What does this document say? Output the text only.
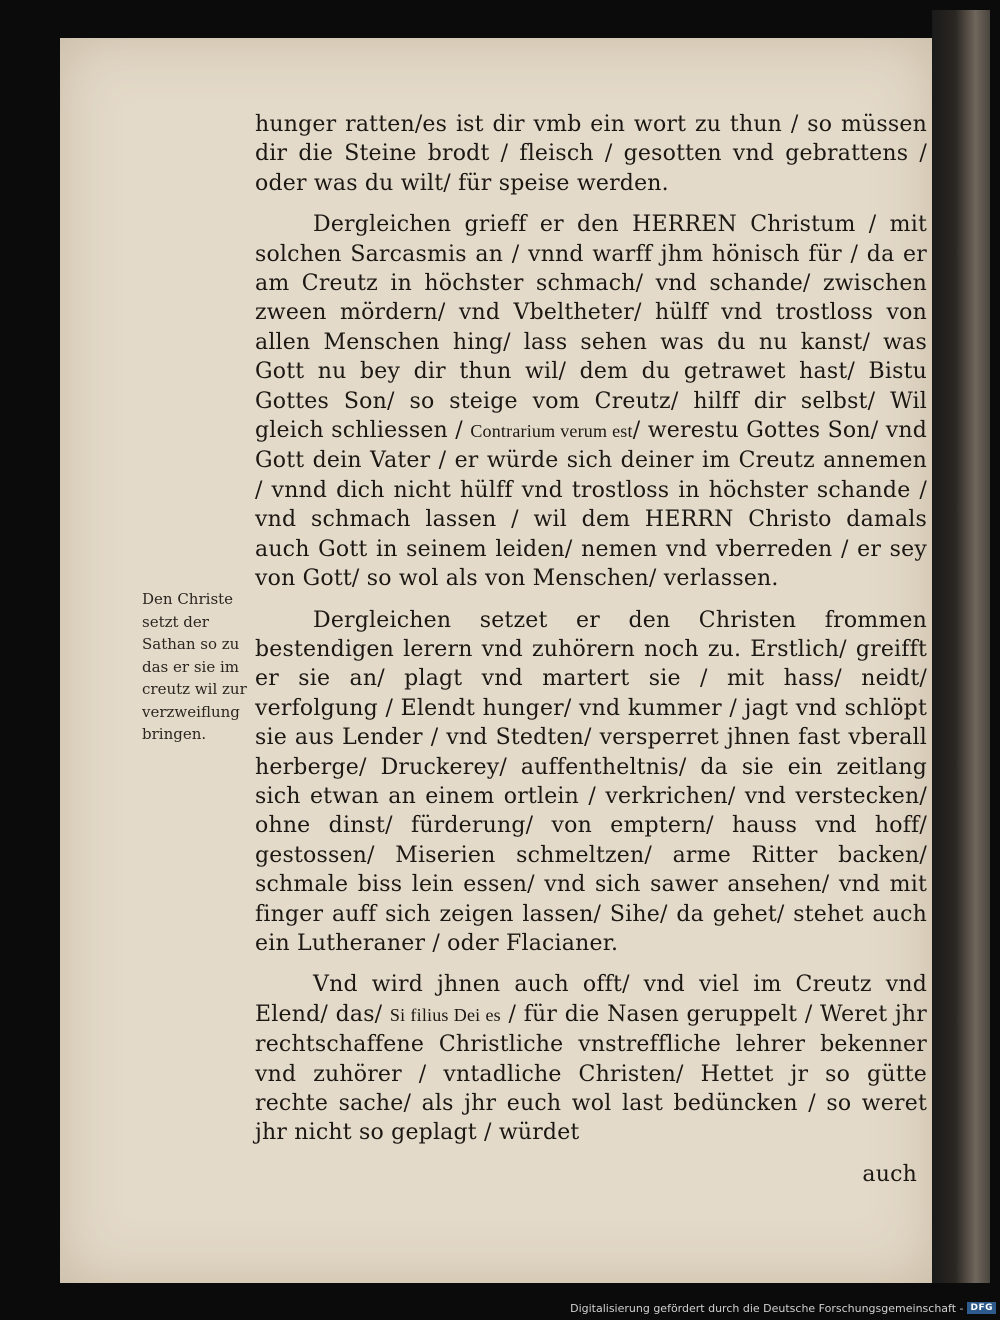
hunger ratten/es ist dir vmb ein wort zu thun / so müssen dir die Steine brodt / fleisch / gesotten vnd gebrattens / oder was du wilt/ für speise werden.

Dergleichen grieff er den HERREN Christum / mit solchen Sarcasmis an / vnnd warff jhm hönisch für / da er am Creutz in höchster schmach/ vnd schande/ zwischen zween mördern/ vnd Vbeltheter/ hülff vnd trostloss von allen Menschen hing/ lass sehen was du nu kanst/ was Gott nu bey dir thun wil/ dem du getrawet hast/ Bistu Gottes Son/ so steige vom Creutz/ hilff dir selbst/ Wil gleich schliessen / Contrarium verum est/ werestu Gottes Son/ vnd Gott dein Vater / er würde sich deiner im Creutz annemen / vnnd dich nicht hülff vnd trostloss in höchster schande / vnd schmach lassen / wil dem HERRN Christo damals auch Gott in seinem leiden/ nemen vnd vberreden / er sey von Gott/ so wol als von Menschen/ verlassen.

Dergleichen setzet er den Christen frommen bestendigen lerern vnd zuhörern noch zu. Erstlich/ greifft er sie an/ plagt vnd martert sie / mit hass/ neidt/ verfolgung / Elendt hunger/ vnd kummer / jagt vnd schlöpt sie aus Lender / vnd Stedten/ versperret jhnen fast vberall herberge/ Druckerey/ auffentheltnis/ da sie ein zeitlang sich etwan an einem ortlein / verkrichen/ vnd verstecken/ ohne dinst/ fürderung/ von emptern/ hauss vnd hoff/ gestossen/ Miserien schmeltzen/ arme Ritter backen/ schmale biss lein essen/ vnd sich sawer ansehen/ vnd mit finger auff sich zeigen lassen/ Sihe/ da gehet/ stehet auch ein Lutheraner / oder Flacianer.

Vnd wird jhnen auch offt/ vnd viel im Creutz vnd Elend/ das/ Si filius Dei es / für die Nasen geruppelt / Weret jhr rechtschaffene Christliche vnstreffliche lehrer bekenner vnd zuhörer / vntadliche Christen/ Hettet jr so gütte rechte sache/ als jhr euch wol last bedüncken / so weret jhr nicht so geplagt / würdet

auch

Den Christe setzt der Sathan so zu das er sie im creutz wil zur verzweiflung bringen.
Digitalisierung gefördert durch die Deutsche Forschungsgemeinschaft - DFG
